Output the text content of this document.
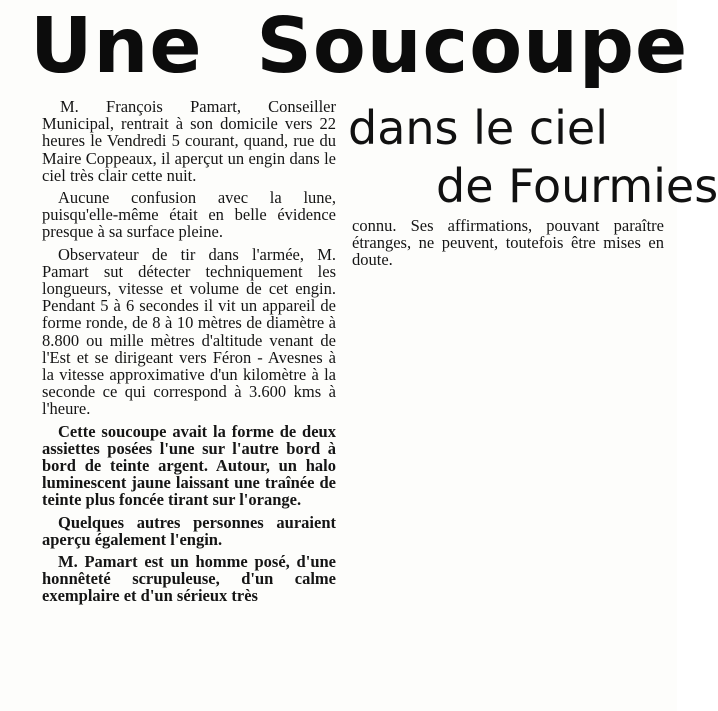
Une Soucoupe
dans le ciel
de Fourmies

M. François Pamart, Conseiller Municipal, rentrait à son domicile vers 22 heures le Vendredi 5 courant, quand, rue du Maire Coppeaux, il aperçut un engin dans le ciel très clair cette nuit.

Aucune confusion avec la lune, puisqu'elle-même était en belle évidence presque à sa surface pleine.

Observateur de tir dans l'armée, M. Pamart sut détecter techniquement les longueurs, vitesse et volume de cet engin. Pendant 5 à 6 secondes il vit un appareil de forme ronde, de 8 à 10 mètres de diamètre à 8.800 ou mille mètres d'altitude venant de l'Est et se dirigeant vers Féron - Avesnes à la vitesse approximative d'un kilomètre à la seconde ce qui correspond à 3.600 kms à l'heure.

Cette soucoupe avait la forme de deux assiettes posées l'une sur l'autre bord à bord de teinte argent. Autour, un halo luminescent jaune laissant une traînée de teinte plus foncée tirant sur l'orange.

Quelques autres personnes auraient aperçu également l'engin.

M. Pamart est un homme posé, d'une honnêteté scrupuleuse, d'un calme exemplaire et d'un sérieux très

connu. Ses affirmations, pouvant paraître étranges, ne peuvent, toutefois être mises en doute.
